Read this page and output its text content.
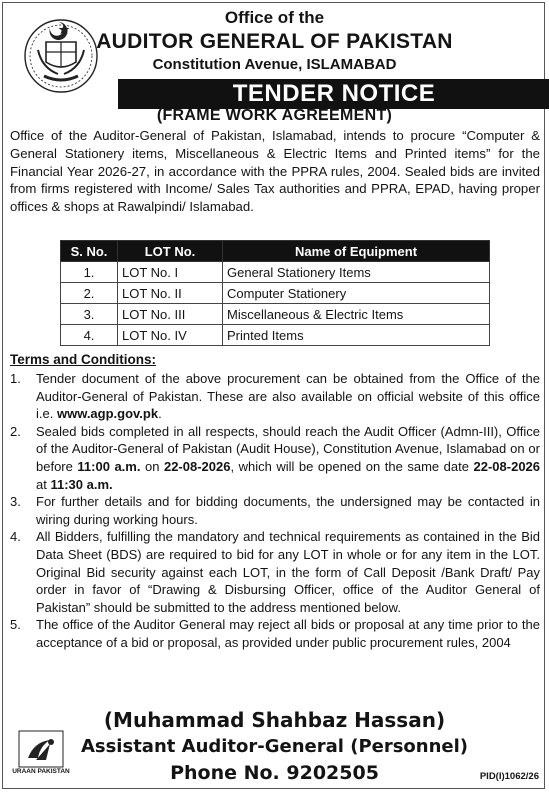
Office of the
AUDITOR GENERAL OF PAKISTAN
Constitution Avenue, ISLAMABAD
TENDER NOTICE
(FRAME WORK AGREEMENT)
Office of the Auditor-General of Pakistan, Islamabad, intends to procure “Computer & General Stationery items, Miscellaneous & Electric Items and Printed items” for the Financial Year 2026-27, in accordance with the PPRA rules, 2004. Sealed bids are invited from firms registered with Income/ Sales Tax authorities and PPRA, EPAD, having proper offices & shops at Rawalpindi/ Islamabad.
S. No.	LOT No.	Name of Equipment
1.	LOT No. I	General Stationery Items
2.	LOT No. II	Computer Stationery
3.	LOT No. III	Miscellaneous & Electric Items
4.	LOT No. IV	Printed Items
Terms and Conditions:
1. Tender document of the above procurement can be obtained from the Office of the Auditor-General of Pakistan. These are also available on official website of this office i.e. www.agp.gov.pk.
2. Sealed bids completed in all respects, should reach the Audit Officer (Admn-III), Office of the Auditor-General of Pakistan (Audit House), Constitution Avenue, Islamabad on or before 11:00 a.m. on 22-08-2026, which will be opened on the same date 22-08-2026 at 11:30 a.m.
3. For further details and for bidding documents, the undersigned may be contacted in wiring during working hours.
4. All Bidders, fulfilling the mandatory and technical requirements as contained in the Bid Data Sheet (BDS) are required to bid for any LOT in whole or for any item in the LOT. Original Bid security against each LOT, in the form of Call Deposit /Bank Draft/ Pay order in favor of “Drawing & Disbursing Officer, office of the Auditor General of Pakistan” should be submitted to the address mentioned below.
5. The office of the Auditor General may reject all bids or proposal at any time prior to the acceptance of a bid or proposal, as provided under public procurement rules, 2004
URAAN PAKISTAN
(Muhammad Shahbaz Hassan)
Assistant Auditor-General (Personnel)
Phone No. 9202505	PID(I)1062/26
